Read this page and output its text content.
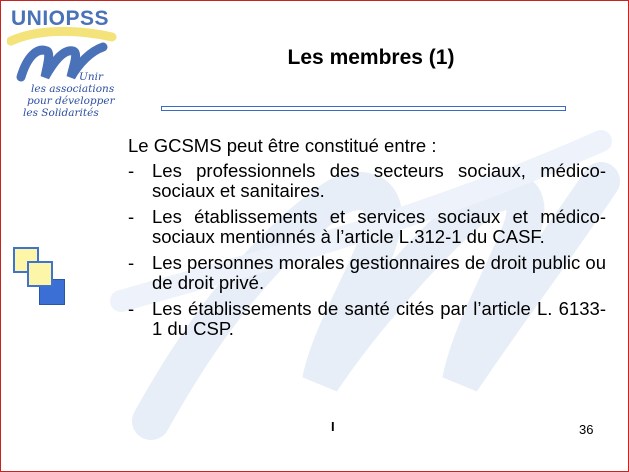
UNIOPSS
Unir
les associations
pour développer
les Solidarités
Les membres (1)

Le GCSMS peut être constitué entre :

- Les professionnels des secteurs sociaux, médico-sociaux et sanitaires.
- Les établissements et services sociaux et médico-sociaux mentionnés à l’article L.312-1 du CASF.
- Les personnes morales gestionnaires de droit public ou de droit privé.
- Les établissements de santé cités par l’article L. 6133-1 du CSP.
I	36
